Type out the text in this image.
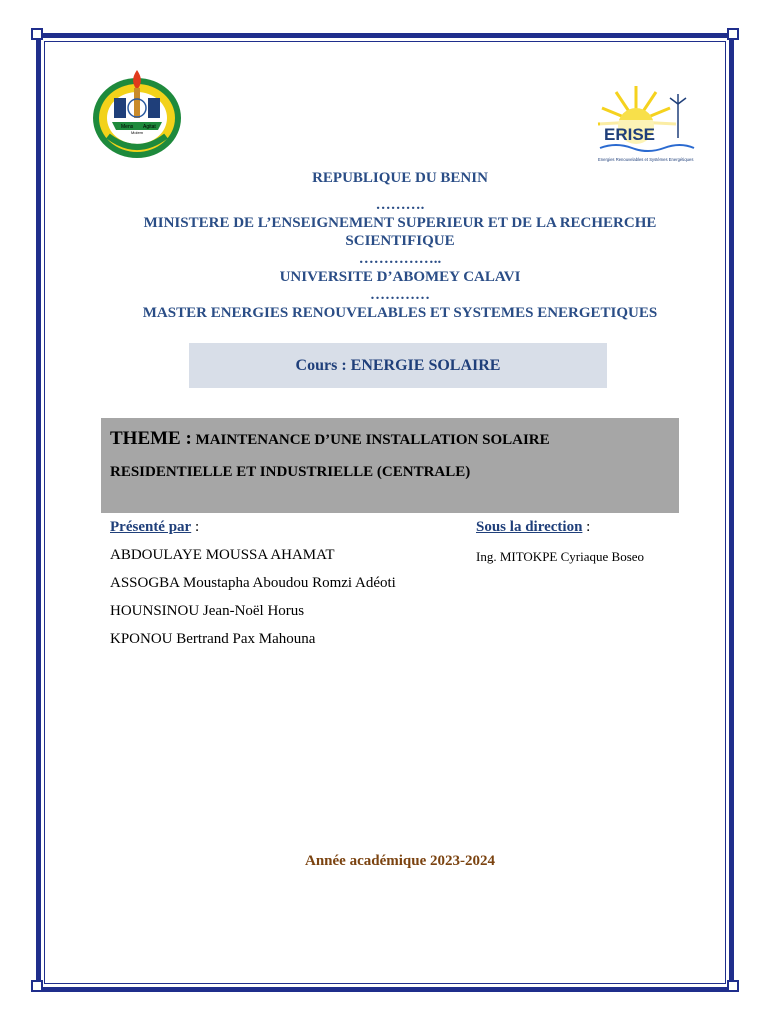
Mens Agitat
Molem	ERISE
Energies Renouvelables et Systèmes Energétiques
REPUBLIQUE DU BENIN
……….
MINISTERE DE L’ENSEIGNEMENT SUPERIEUR ET DE LA RECHERCHE
SCIENTIFIQUE
……………..
UNIVERSITE D’ABOMEY CALAVI
…………
MASTER ENERGIES RENOUVELABLES ET SYSTEMES ENERGETIQUES
Cours : ENERGIE SOLAIRE
THEME : MAINTENANCE D’UNE INSTALLATION SOLAIRE
RESIDENTIELLE ET INDUSTRIELLE (CENTRALE)
Présenté par :
ABDOULAYE MOUSSA AHAMAT
ASSOGBA Moustapha Aboudou Romzi Adéoti
HOUNSINOU Jean-Noël Horus
KPONOU Bertrand Pax Mahouna
Sous la direction :
Ing. MITOKPE Cyriaque Boseo
Année académique 2023-2024
